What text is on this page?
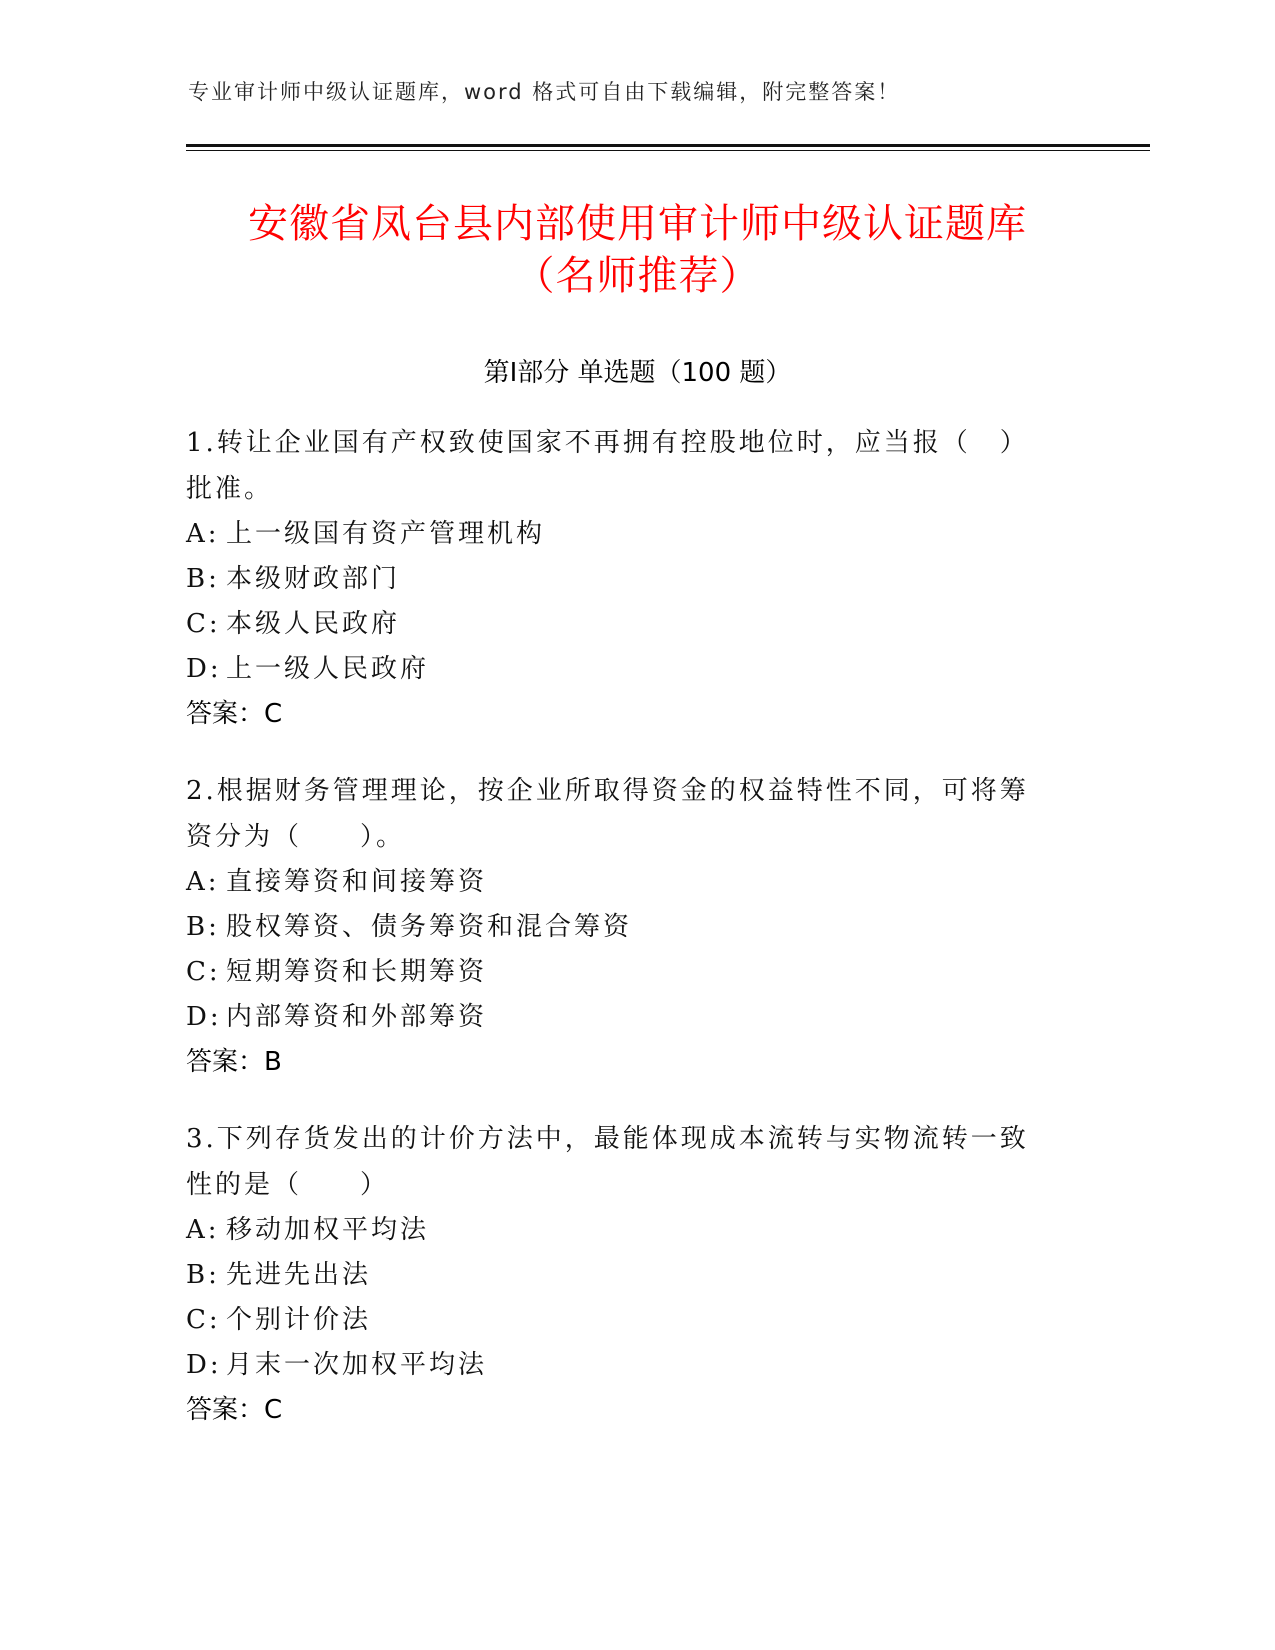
专业审计师中级认证题库，word 格式可自由下载编辑，附完整答案！
安徽省凤台县内部使用审计师中级认证题库
（名师推荐）
第Ⅰ部分 单选题（100 题）

1.转让企业国有产权致使国家不再拥有控股地位时，应当报（　）批准。

A: 上一级国有资产管理机构

B: 本级财政部门

C: 本级人民政府

D: 上一级人民政府

答案：C

2.根据财务管理理论，按企业所取得资金的权益特性不同，可将筹资分为（　　）。

A: 直接筹资和间接筹资

B: 股权筹资、债务筹资和混合筹资

C: 短期筹资和长期筹资

D: 内部筹资和外部筹资

答案：B

3.下列存货发出的计价方法中，最能体现成本流转与实物流转一致性的是（　　）

A: 移动加权平均法

B: 先进先出法

C: 个别计价法

D: 月末一次加权平均法

答案：C
